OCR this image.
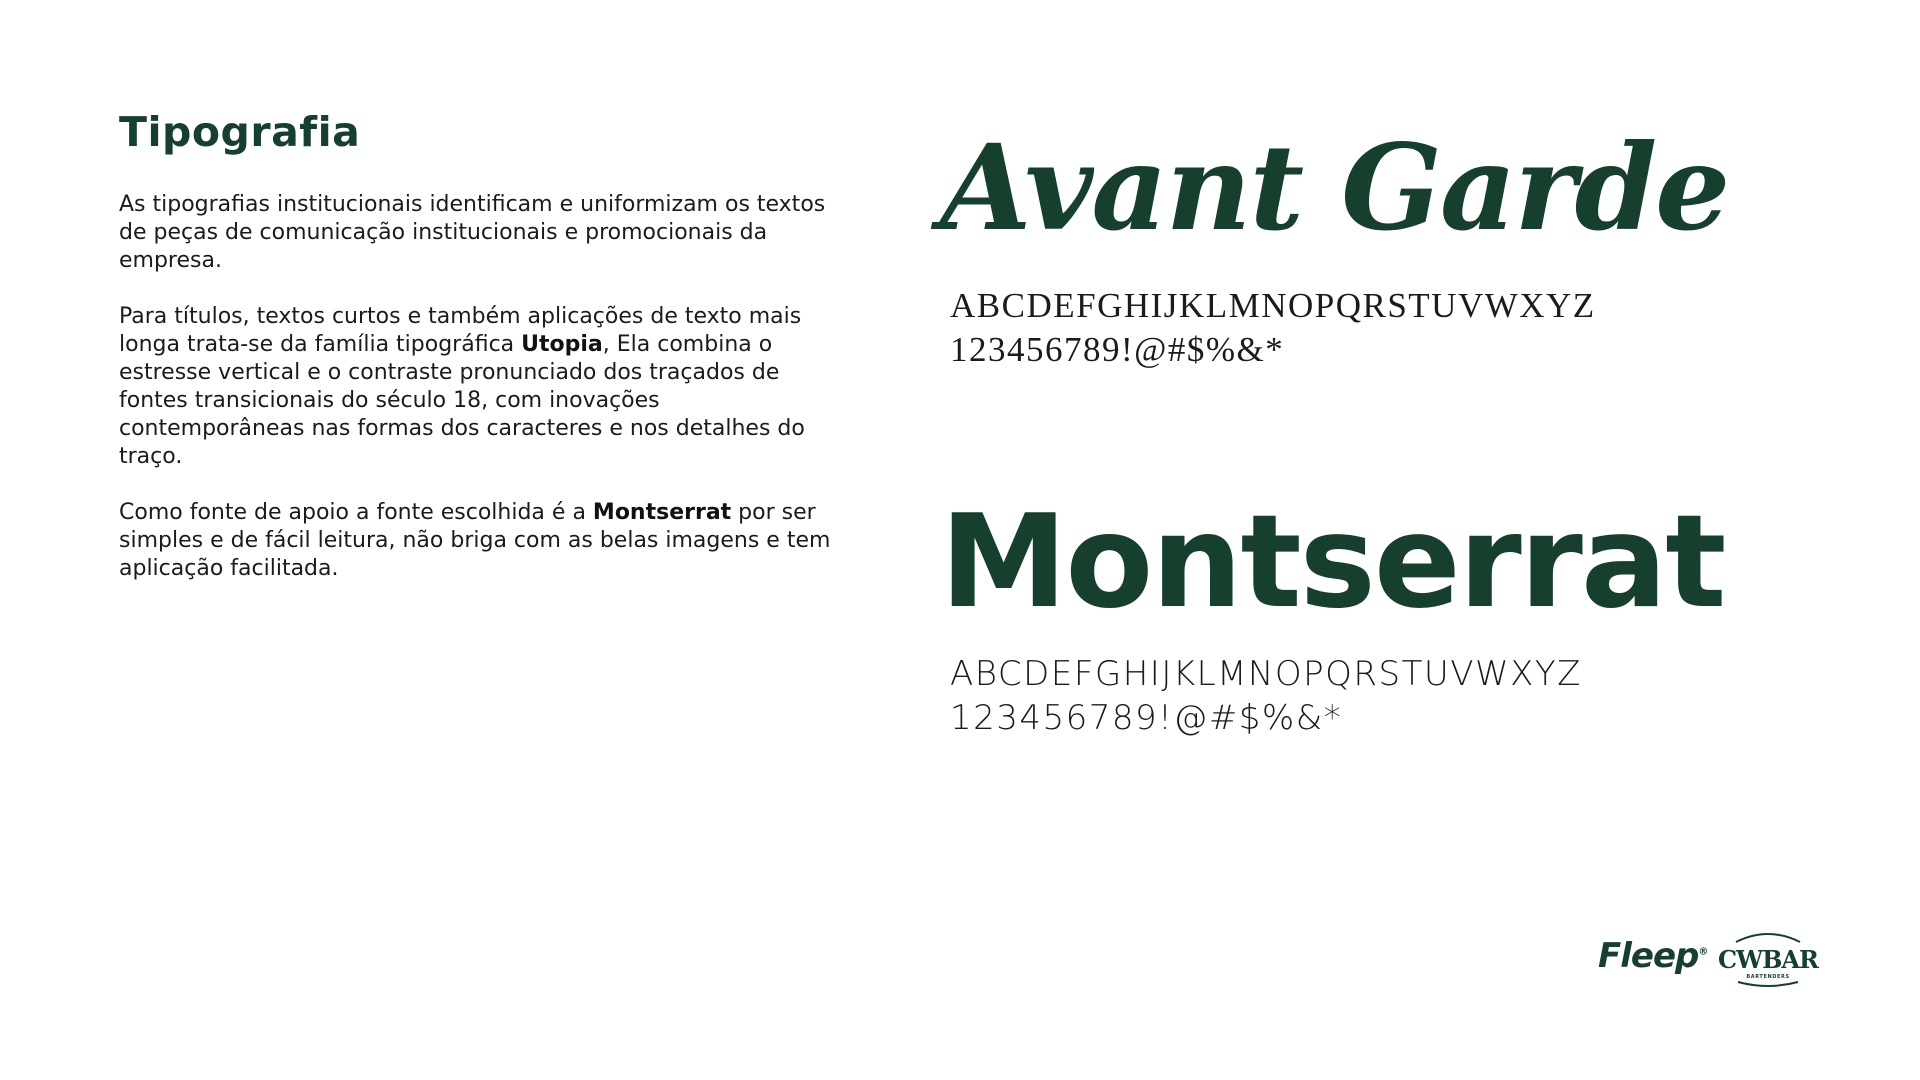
Tipografia

As tipografias institucionais identificam e uniformizam os textos de peças de comunicação institucionais e promocionais da empresa.

Para títulos, textos curtos e também aplicações de texto mais longa trata-se da família tipográfica Utopia, Ela combina o estresse vertical e o contraste pronunciado dos traçados de fontes transicionais do século 18, com inovações contemporâneas nas formas dos caracteres e nos detalhes do traço.

Como fonte de apoio a fonte escolhida é a Montserrat por ser simples e de fácil leitura, não briga com as belas imagens e tem aplicação facilitada.

Avant Garde
ABCDEFGHIJKLMNOPQRSTUVWXYZ
123456789!@#$%&*
Montserrat
ABCDEFGHIJKLMNOPQRSTUVWXYZ
123456789!@#$%&*
Fleep® CWBAR
BARTENDERS
